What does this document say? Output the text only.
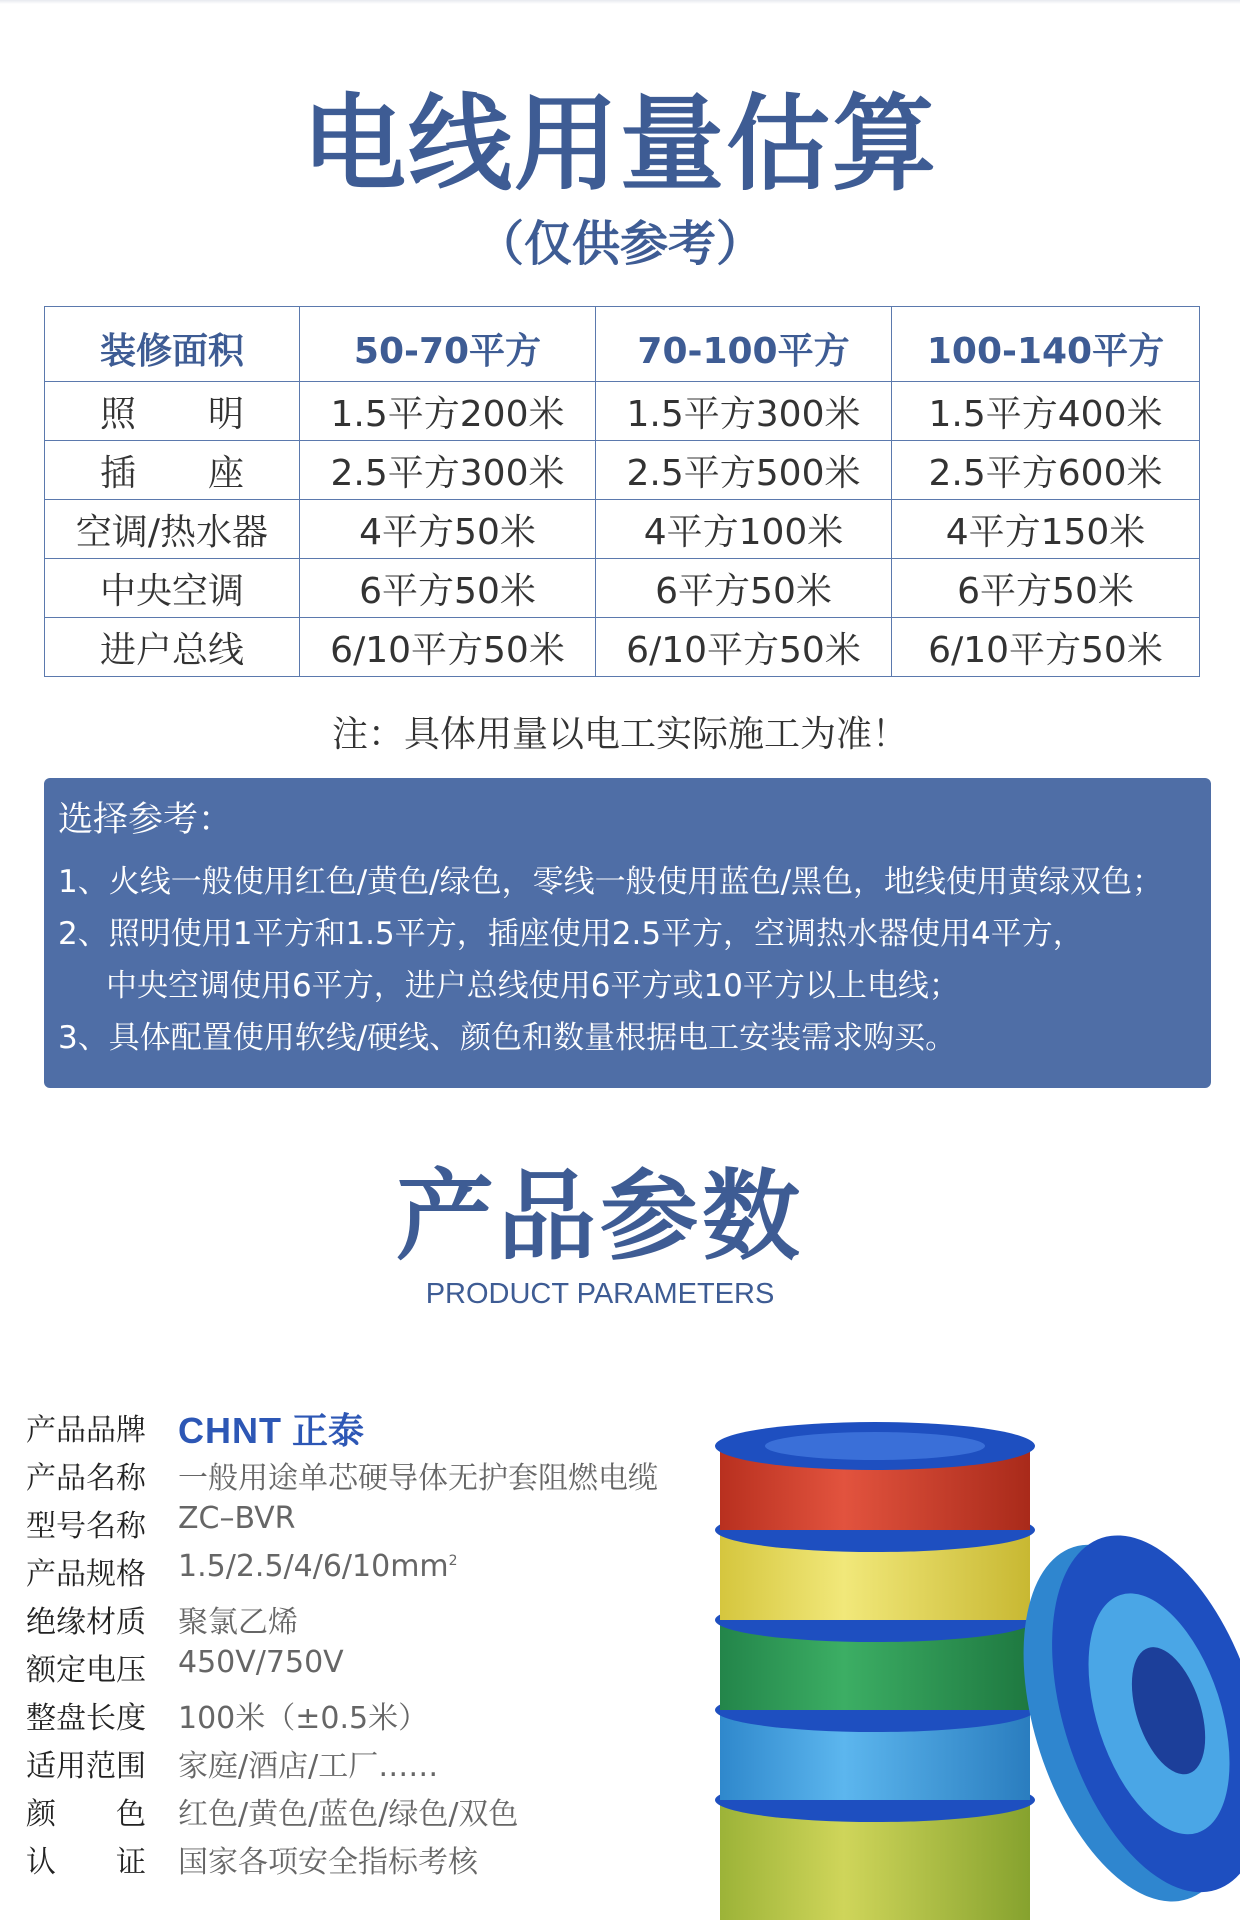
电线用量估算
（仅供参考）
装修面积	50-70平方	70-100平方	100-140平方
照　　明	1.5平方200米	1.5平方300米	1.5平方400米
插　　座	2.5平方300米	2.5平方500米	2.5平方600米
空调/热水器	4平方50米	4平方100米	4平方150米
中央空调	6平方50米	6平方50米	6平方50米
进户总线	6/10平方50米	6/10平方50米	6/10平方50米
注：具体用量以电工实际施工为准！
选择参考：
1、火线一般使用红色/黄色/绿色，零线一般使用蓝色/黑色，地线使用黄绿双色；
2、照明使用1平方和1.5平方，插座使用2.5平方，空调热水器使用4平方，
中央空调使用6平方，进户总线使用6平方或10平方以上电线；
3、具体配置使用软线/硬线、颜色和数量根据电工安装需求购买。
产品参数
PRODUCT PARAMETERS
产品品牌 CHNT 正泰
产品名称	一般用途单芯硬导体无护套阻燃电缆
型号名称	ZC–BVR
产品规格	$1.5/2.5/4/6/10mm^2$
绝缘材质	聚氯乙烯
额定电压	450V/750V
整盘长度	100米（±0.5米）
适用范围	家庭/酒店/工厂……
颜　　色	红色/黄色/蓝色/绿色/双色
认　　证	国家各项安全指标考核
